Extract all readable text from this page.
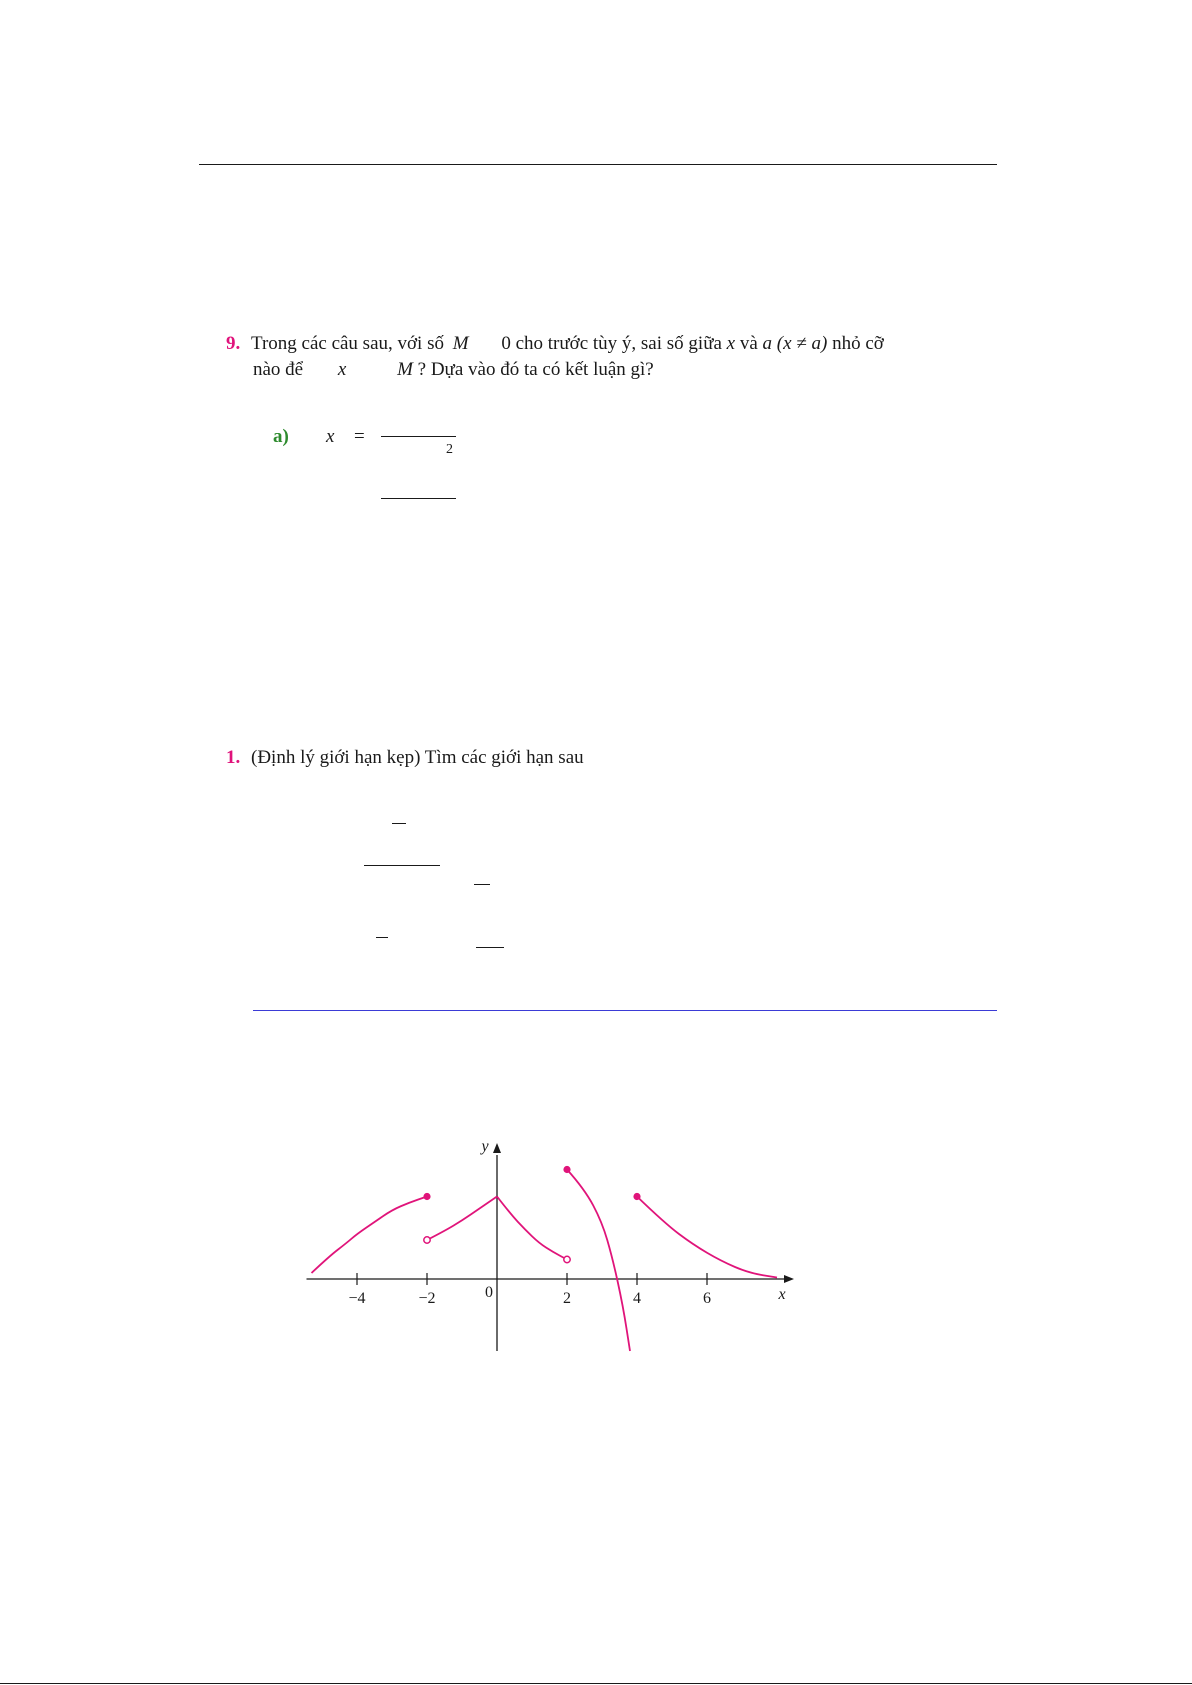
9. Trong các câu sau, với số M 0 cho trước tùy ý, sai số giữa x và a (x ≠ a) nhỏ cỡ
nào để x	M ? Dựa vào đó ta có kết luận gì?
a) x =
2
1. (Định lý giới hạn kẹp) Tìm các giới hạn sau
−4	−2	2	4	6
0	x
y
